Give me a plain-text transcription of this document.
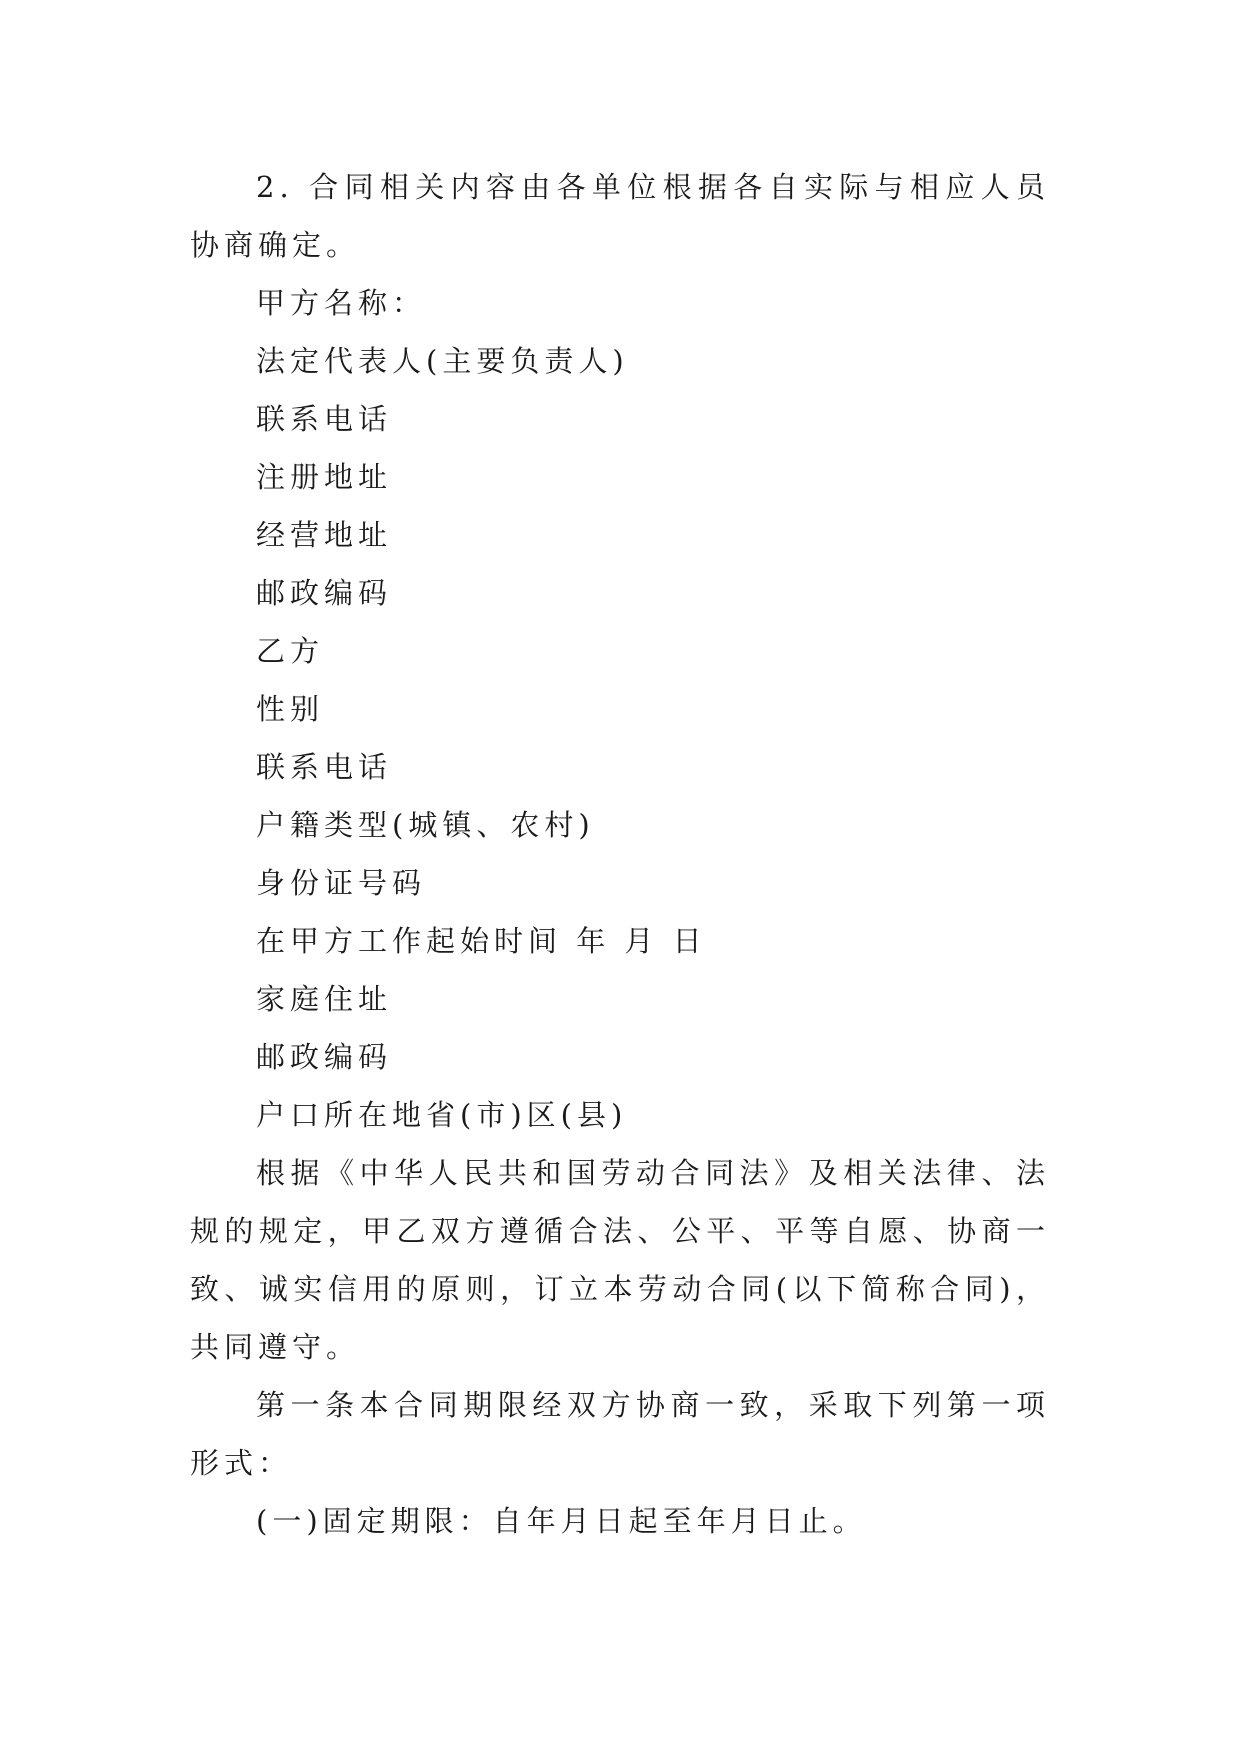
2. 合同相关内容由各单位根据各自实际与相应人员协商确定。

甲方名称：

法定代表人(主要负责人)

联系电话

注册地址

经营地址

邮政编码

乙方

性别

联系电话

户籍类型(城镇、农村)

身份证号码

在甲方工作起始时间 年 月 日

家庭住址

邮政编码

户口所在地省(市)区(县)

根据《中华人民共和国劳动合同法》及相关法律、法规的规定，甲乙双方遵循合法、公平、平等自愿、协商一致、诚实信用的原则，订立本劳动合同(以下简称合同)，共同遵守。

第一条本合同期限经双方协商一致，采取下列第一项形式：

(一)固定期限：自年月日起至年月日止。
